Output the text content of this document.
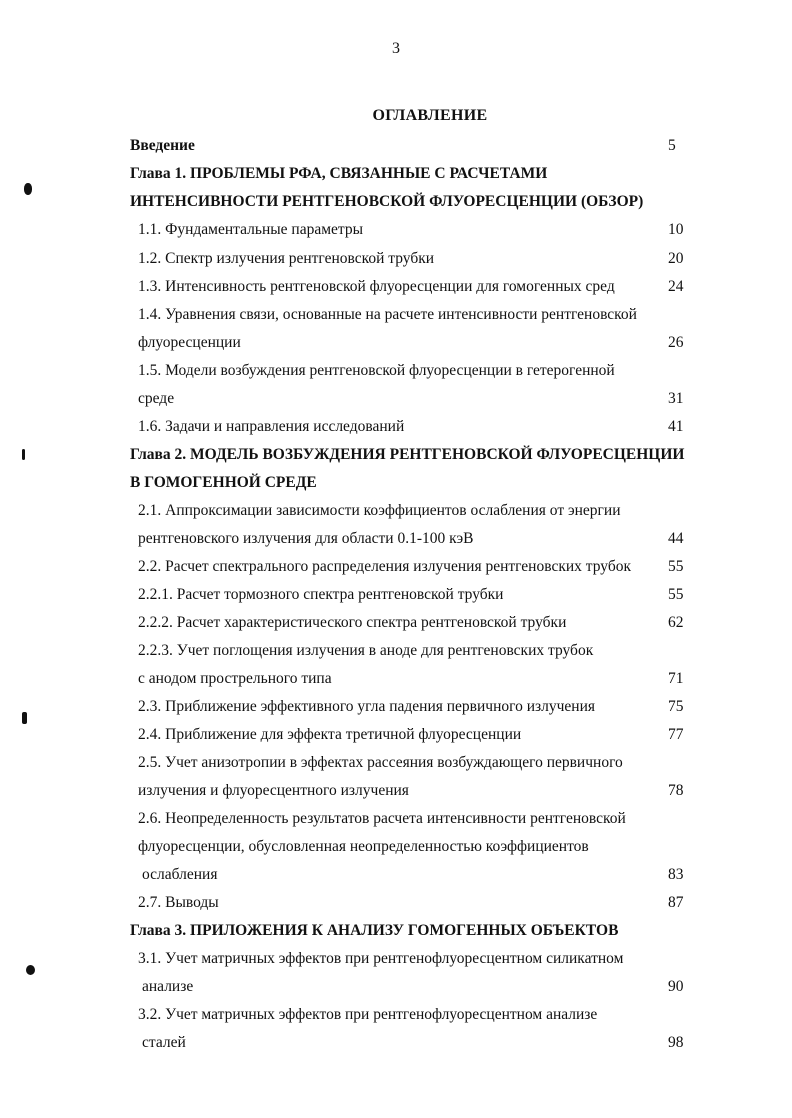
3
ОГЛАВЛЕНИЕ
Введение	5
Глава 1. ПРОБЛЕМЫ РФА, СВЯЗАННЫЕ С РАСЧЕТАМИ
ИНТЕНСИВНОСТИ РЕНТГЕНОВСКОЙ ФЛУОРЕСЦЕНЦИИ (ОБЗОР)
1.1. Фундаментальные параметры	10
1.2. Спектр излучения рентгеновской трубки	20
1.3. Интенсивность рентгеновской флуоресценции для гомогенных сред	24
1.4. Уравнения связи, основанные на расчете интенсивности рентгеновской
флуоресценции	26
1.5. Модели возбуждения рентгеновской флуоресценции в гетерогенной
среде	31
1.6. Задачи и направления исследований	41
Глава 2. МОДЕЛЬ ВОЗБУЖДЕНИЯ РЕНТГЕНОВСКОЙ ФЛУОРЕСЦЕНЦИИ
В ГОМОГЕННОЙ СРЕДЕ
2.1. Аппроксимации зависимости коэффициентов ослабления от энергии
рентгеновского излучения для области 0.1-100 кэВ	44
2.2. Расчет спектрального распределения излучения рентгеновских трубок 55
2.2.1. Расчет тормозного спектра рентгеновской трубки	55
2.2.2. Расчет характеристического спектра рентгеновской трубки	62
2.2.3. Учет поглощения излучения в аноде для рентгеновских трубок
с анодом прострельного типа	71
2.3. Приближение эффективного угла падения первичного излучения	75
2.4. Приближение для эффекта третичной флуоресценции	77
2.5. Учет анизотропии в эффектах рассеяния возбуждающего первичного
излучения и флуоресцентного излучения	78
2.6. Неопределенность результатов расчета интенсивности рентгеновской
флуоресценции, обусловленная неопределенностью коэффициентов
ослабления	83
2.7. Выводы	87
Глава 3. ПРИЛОЖЕНИЯ К АНАЛИЗУ ГОМОГЕННЫХ ОБЪЕКТОВ
3.1. Учет матричных эффектов при рентгенофлуоресцентном силикатном
анализе	90
3.2. Учет матричных эффектов при рентгенофлуоресцентном анализе
сталей	98
